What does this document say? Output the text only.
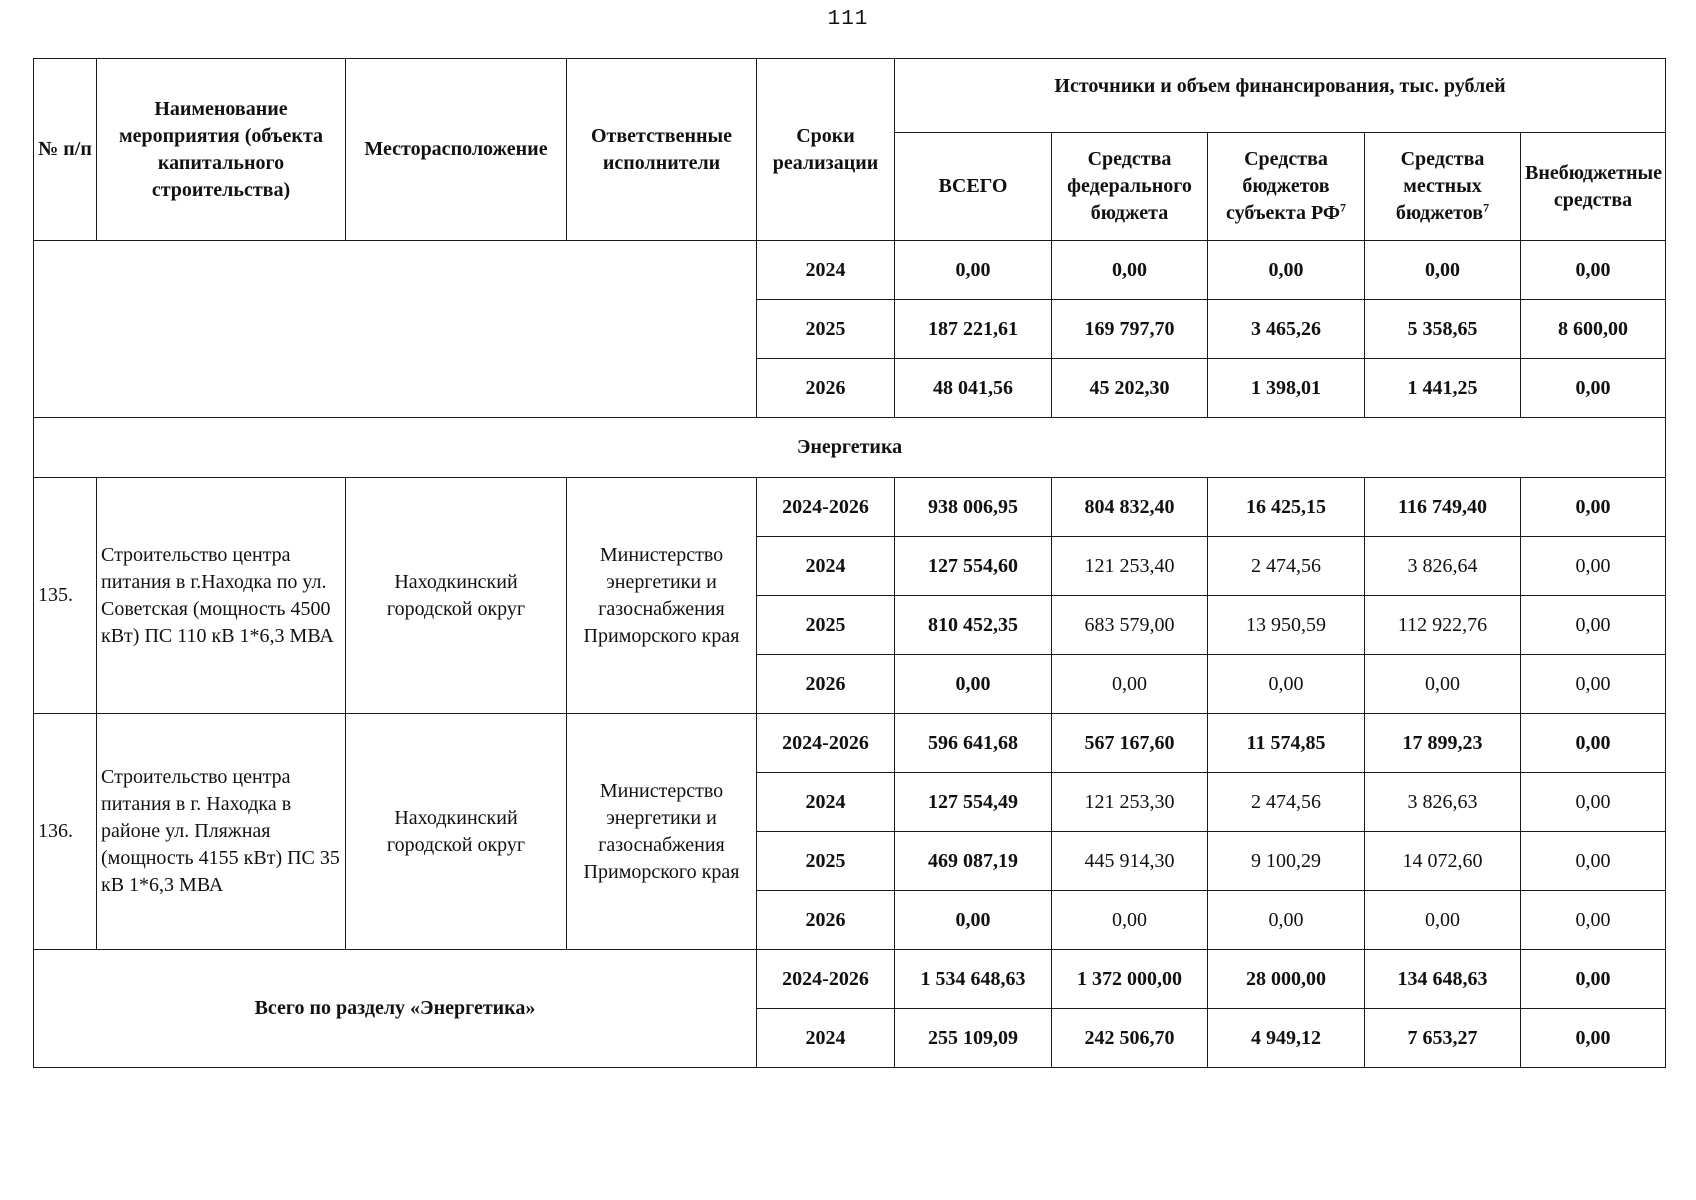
111
№ п/п	Наименование мероприятия (объекта капитального строительства)	Месторасположение	Ответственные исполнители	Сроки реализации	Источники и объем финансирования, тыс. рублей				
					ВСЕГО	Средства федерального бюджета	Средства бюджетов субъекта $РФ^7$	Средства местных бюджетов$^7$	Внебюджетные средства
				2024	0,00	0,00	0,00	0,00	0,00
				2025	187 221,61	169 797,70	3 465,26	5 358,65	8 600,00
				2026	48 041,56	45 202,30	1 398,01	1 441,25	0,00
Энергетика									
135.	Строительство центра питания в г.Находка по ул. Советская (мощность 4500 кВт) ПС 110 кВ 1*6,3 МВА	Находкинский городской округ	Министерство энергетики и газоснабжения Приморского края	2024-2026	938 006,95	804 832,40	16 425,15	116 749,40	0,00
				2024	127 554,60	121 253,40	2 474,56	3 826,64	0,00
				2025	810 452,35	683 579,00	13 950,59	112 922,76	0,00
				2026	0,00	0,00	0,00	0,00	0,00
136.	Строительство центра питания в г. Находка в районе ул. Пляжная (мощность 4155 кВт) ПС 35 кВ 1*6,3 МВА	Находкинский городской округ	Министерство энергетики и газоснабжения Приморского края	2024-2026	596 641,68	567 167,60	11 574,85	17 899,23	0,00
				2024	127 554,49	121 253,30	2 474,56	3 826,63	0,00
				2025	469 087,19	445 914,30	9 100,29	14 072,60	0,00
				2026	0,00	0,00	0,00	0,00	0,00
Всего по разделу «Энергетика»				2024-2026	1 534 648,63	1 372 000,00	28 000,00	134 648,63	0,00
				2024	255 109,09	242 506,70	4 949,12	7 653,27	0,00
